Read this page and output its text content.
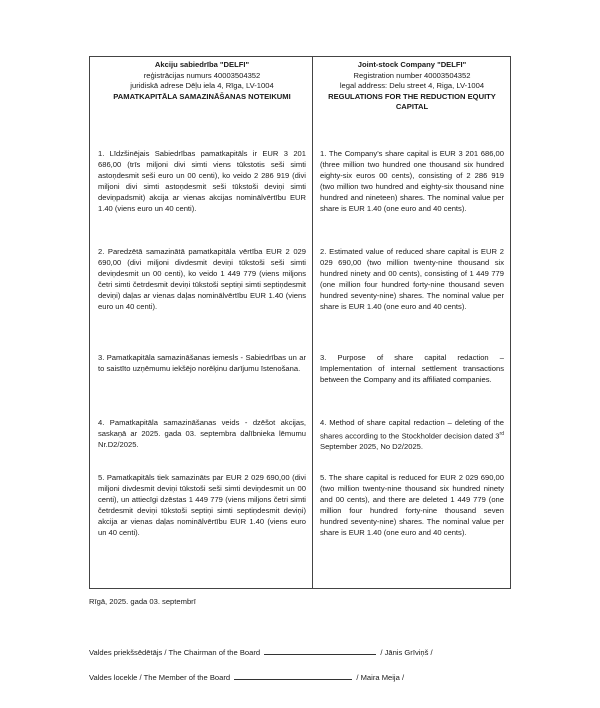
Akciju sabiedrība "DELFI"
reģistrācijas numurs 40003504352
juridiskā adrese Dēļu iela 4, Rīga, LV-1004
PAMATKAPITĀLA SAMAZINĀŠANAS NOTEIKUMI
1. Līdzšinējais Sabiedrības pamatkapitāls ir EUR 3 201 686,00 (trīs miljoni divi simti viens tūkstotis seši simti astoņdesmit seši euro un 00 centi), ko veido 2 286 919 (divi miljoni divi simti astoņdesmit seši tūkstoši deviņi simti deviņpadsmit) akcija ar vienas akcijas nominālvērtību EUR 1.40 (viens euro un 40 centi).
2. Paredzētā samazinātā pamatkapitāla vērtība EUR 2 029 690,00 (divi miljoni divdesmit deviņi tūkstoši seši simti deviņdesmit un 00 centi), ko veido 1 449 779 (viens miljons četri simti četrdesmit deviņi tūkstoši septiņi simti septiņdesmit deviņi) daļas ar vienas daļas nominālvērtību EUR 1.40 (viens euro un 40 centi).
3. Pamatkapitāla samazināšanas iemesls - Sabiedrības un ar to saistīto uzņēmumu iekšējo norēķinu darījumu īstenošana.
4. Pamatkapitāla samazināšanas veids - dzēšot akcijas, saskaņā ar 2025. gada 03. septembra dalībnieka lēmumu Nr.D2/2025.
5. Pamatkapitāls tiek samazināts par EUR 2 029 690,00 (divi miljoni divdesmit deviņi tūkstoši seši simti deviņdesmit un 00 centi), un attiecīgi dzēstas 1 449 779 (viens miljons četri simti četrdesmit deviņi tūkstoši septiņi simti septiņdesmit deviņi) akcija ar vienas daļas nominālvērtību EUR 1.40 (viens euro un 40 centi).
Joint-stock Company "DELFI"
Registration number 40003504352
legal address: Delu street 4, Riga, LV-1004
REGULATIONS FOR THE REDUCTION EQUITY CAPITAL
1. The Company's share capital is EUR 3 201 686,00 (three million two hundred one thousand six hundred eighty-six euros 00 cents), consisting of 2 286 919 (two million two hundred and eighty-six thousand nine hundred and nineteen) shares. The nominal value per share is EUR 1.40 (one euro and 40 cents).
2. Estimated value of reduced share capital is EUR 2 029 690,00 (two million twenty-nine thousand six hundred ninety and 00 cents), consisting of 1 449 779 (one million four hundred forty-nine thousand seven hundred seventy-nine) shares. The nominal value per share is EUR 1.40 (one euro and 40 cents).
3. Purpose of share capital redaction – Implementation of internal settlement transactions between the Company and its affiliated companies.
4. Method of share capital redaction – deleting of the shares according to the Stockholder decision dated 3rd September 2025, No D2/2025.
5. The share capital is reduced for EUR 2 029 690,00 (two million twenty-nine thousand six hundred ninety and 00 cents), and there are deleted 1 449 779 (one million four hundred forty-nine thousand seven hundred seventy-nine) shares. The nominal value per share is EUR 1.40 (one euro and 40 cents).
Rīgā, 2025. gada 03. septembrī
Valdes priekšsēdētājs / The Chairman of the Board	/ Jānis Grīviņš /
Valdes locekle / The Member of the Board	/ Maira Meija /
